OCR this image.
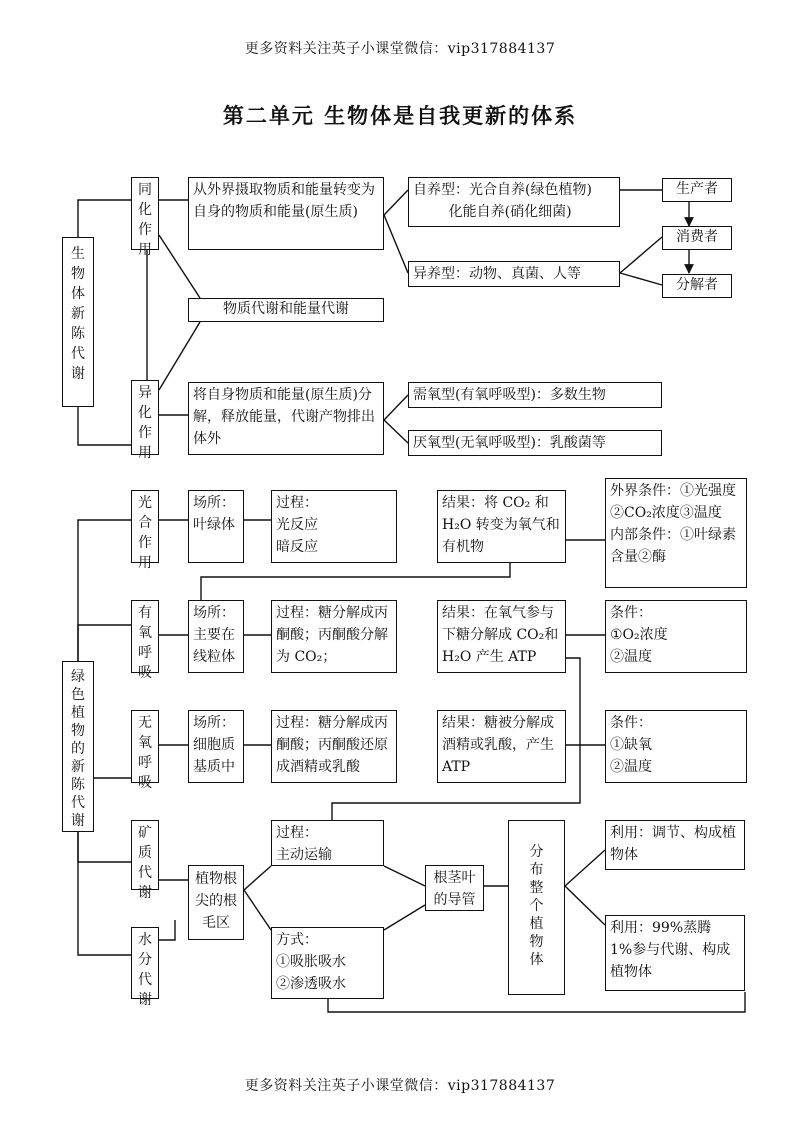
更多资料关注英子小课堂微信：vip317884137
第二单元 生物体是自我更新的体系
生
物
体
新
陈
代
谢
同
化
作
用
从外界摄取物质和能量转变为自身的物质和能量(原生质)
自养型：光合自养(绿色植物)
化能自养(硝化细菌)
异养型：动物、真菌、人等
生产者
消费者
分解者
物质代谢和能量代谢
异
化
作
用
将自身物质和能量(原生质)分解，释放能量，代谢产物排出体外
需氧型(有氧呼吸型)：多数生物
厌氧型(无氧呼吸型)：乳酸菌等
绿
色
植
物
的
新
陈
代
谢
光
合
作
用
场所：
叶绿体
过程：
光反应
暗反应
结果：将 CO₂ 和 H₂O 转变为氧气和有机物
外界条件：①光强度②CO₂浓度③温度
内部条件：①叶绿素含量②酶
有
氧
呼
吸
场所：
主要在
线粒体
过程：糖分解成丙酮酸；丙酮酸分解为 CO₂；
结果：在氧气参与下糖分解成 CO₂和 H₂O 产生 ATP
条件：
①O₂浓度
②温度
无
氧
呼
吸
场所：
细胞质
基质中
过程：糖分解成丙酮酸；丙酮酸还原成酒精或乳酸
结果：糖被分解成酒精或乳酸，产生 ATP
条件：
①缺氧
②温度
矿
质
代
谢
水
分
代
谢
植物根
尖的根
毛区
过程：
主动运输
方式：
①吸胀吸水
②渗透吸水
根茎叶
的导管
分
布
整
个
植
物
体
利用：调节、构成植物体
利用：99%蒸腾
1%参与代谢、构成植物体
更多资料关注英子小课堂微信：vip317884137
